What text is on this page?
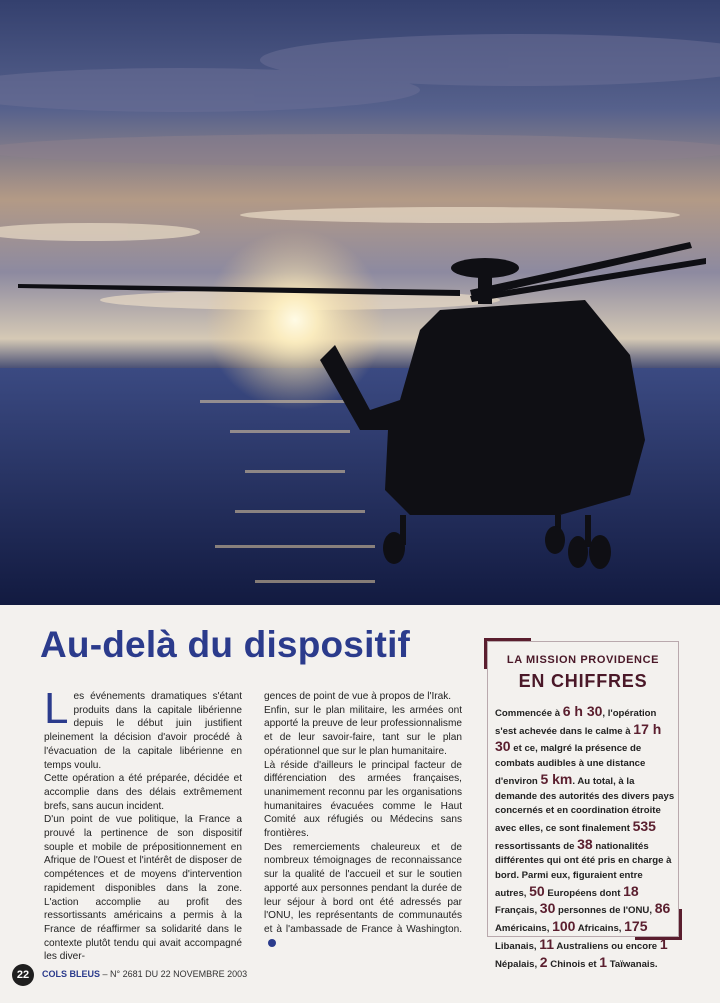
Au-delà du dispositif
L es événements dramatiques s'étant produits dans la capitale libérienne depuis le début juin justifient pleinement la décision d'avoir procédé à l'évacuation de la capitale libérienne en temps voulu.

Cette opération a été préparée, décidée et accomplie dans des délais extrêmement brefs, sans aucun incident.

D'un point de vue politique, la France a prouvé la pertinence de son dispositif souple et mobile de prépositionnement en Afrique de l'Ouest et l'intérêt de disposer de compétences et de moyens d'intervention rapidement disponibles dans la zone. L'action accomplie au profit des ressortissants américains a permis à la France de réaffirmer sa solidarité dans le contexte plutôt tendu qui avait accompagné les diver-

gences de point de vue à propos de l'Irak.

Enfin, sur le plan militaire, les armées ont apporté la preuve de leur professionnalisme et de leur savoir-faire, tant sur le plan opérationnel que sur le plan humanitaire.

Là réside d'ailleurs le principal facteur de différenciation des armées françaises, unanimement reconnu par les organisations humanitaires évacuées comme le Haut Comité aux réfugiés ou Médecins sans frontières.

Des remerciements chaleureux et de nombreux témoignages de reconnaissance sur la qualité de l'accueil et sur le soutien apporté aux personnes pendant la durée de leur séjour à bord ont été adressés par l'ONU, les représentants de communautés et à l'ambassade de France à Washington.

LA MISSION PROVIDENCE
EN CHIFFRES
Commencée à 6 h 30, l'opération s'est achevée dans le calme à 17 h 30 et ce, malgré la présence de combats audibles à une distance d'environ 5 km. Au total, à la demande des autorités des divers pays concernés et en coordination étroite avec elles, ce sont finalement 535 ressortissants de 38 nationalités différentes qui ont été pris en charge à bord. Parmi eux, figuraient entre autres, 50 Européens dont 18 Français, 30 personnes de l'ONU, 86 Américains, 100 Africains, 175 Libanais, 11 Australiens ou encore 1 Népalais, 2 Chinois et 1 Taïwanais.
22	COLS BLEUS – N° 2681 DU 22 NOVEMBRE 2003
